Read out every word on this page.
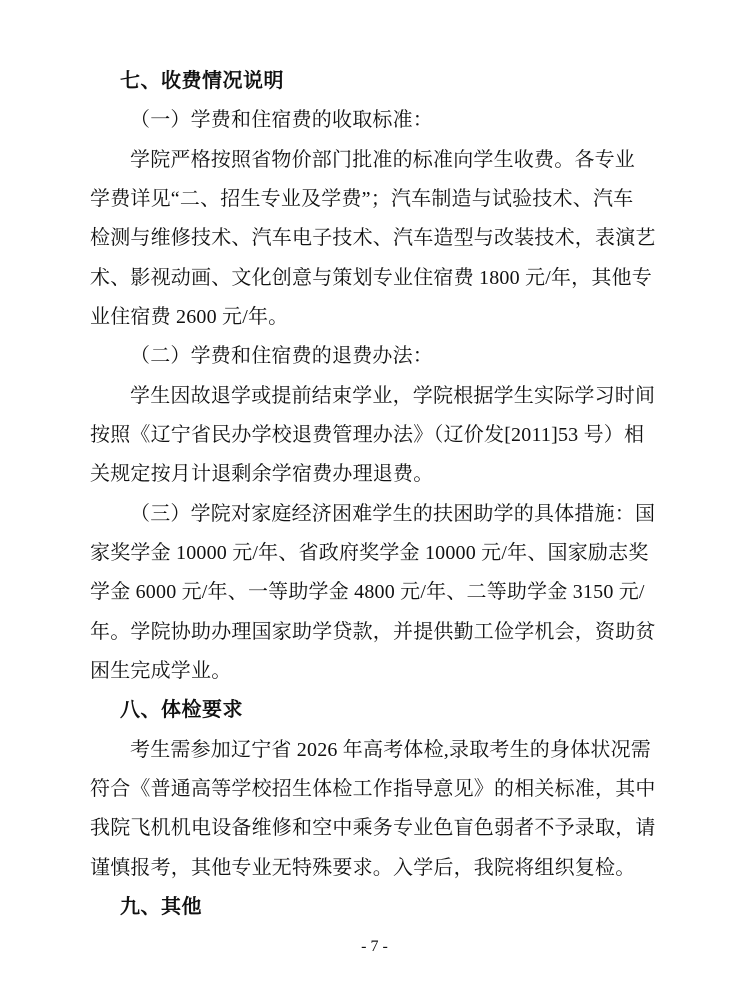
七、收费情况说明
（一）学费和住宿费的收取标准：
学院严格按照省物价部门批准的标准向学生收费。各专业
学费详见“二、招生专业及学费”；汽车制造与试验技术、汽车
检测与维修技术、汽车电子技术、汽车造型与改装技术，表演艺
术、影视动画、文化创意与策划专业住宿费 1800 元/年，其他专
业住宿费 2600 元/年。
（二）学费和住宿费的退费办法：
学生因故退学或提前结束学业，学院根据学生实际学习时间
按照《辽宁省民办学校退费管理办法》（辽价发[2011]53 号）相
关规定按月计退剩余学宿费办理退费。
（三）学院对家庭经济困难学生的扶困助学的具体措施：国
家奖学金 10000 元/年、省政府奖学金 10000 元/年、国家励志奖
学金 6000 元/年、一等助学金 4800 元/年、二等助学金 3150 元/
年。学院协助办理国家助学贷款，并提供勤工俭学机会，资助贫
困生完成学业。
八、体检要求
考生需参加辽宁省 2026 年高考体检,录取考生的身体状况需
符合《普通高等学校招生体检工作指导意见》的相关标准，其中
我院飞机机电设备维修和空中乘务专业色盲色弱者不予录取，请
谨慎报考，其他专业无特殊要求。入学后，我院将组织复检。
九、其他
- 7 -
